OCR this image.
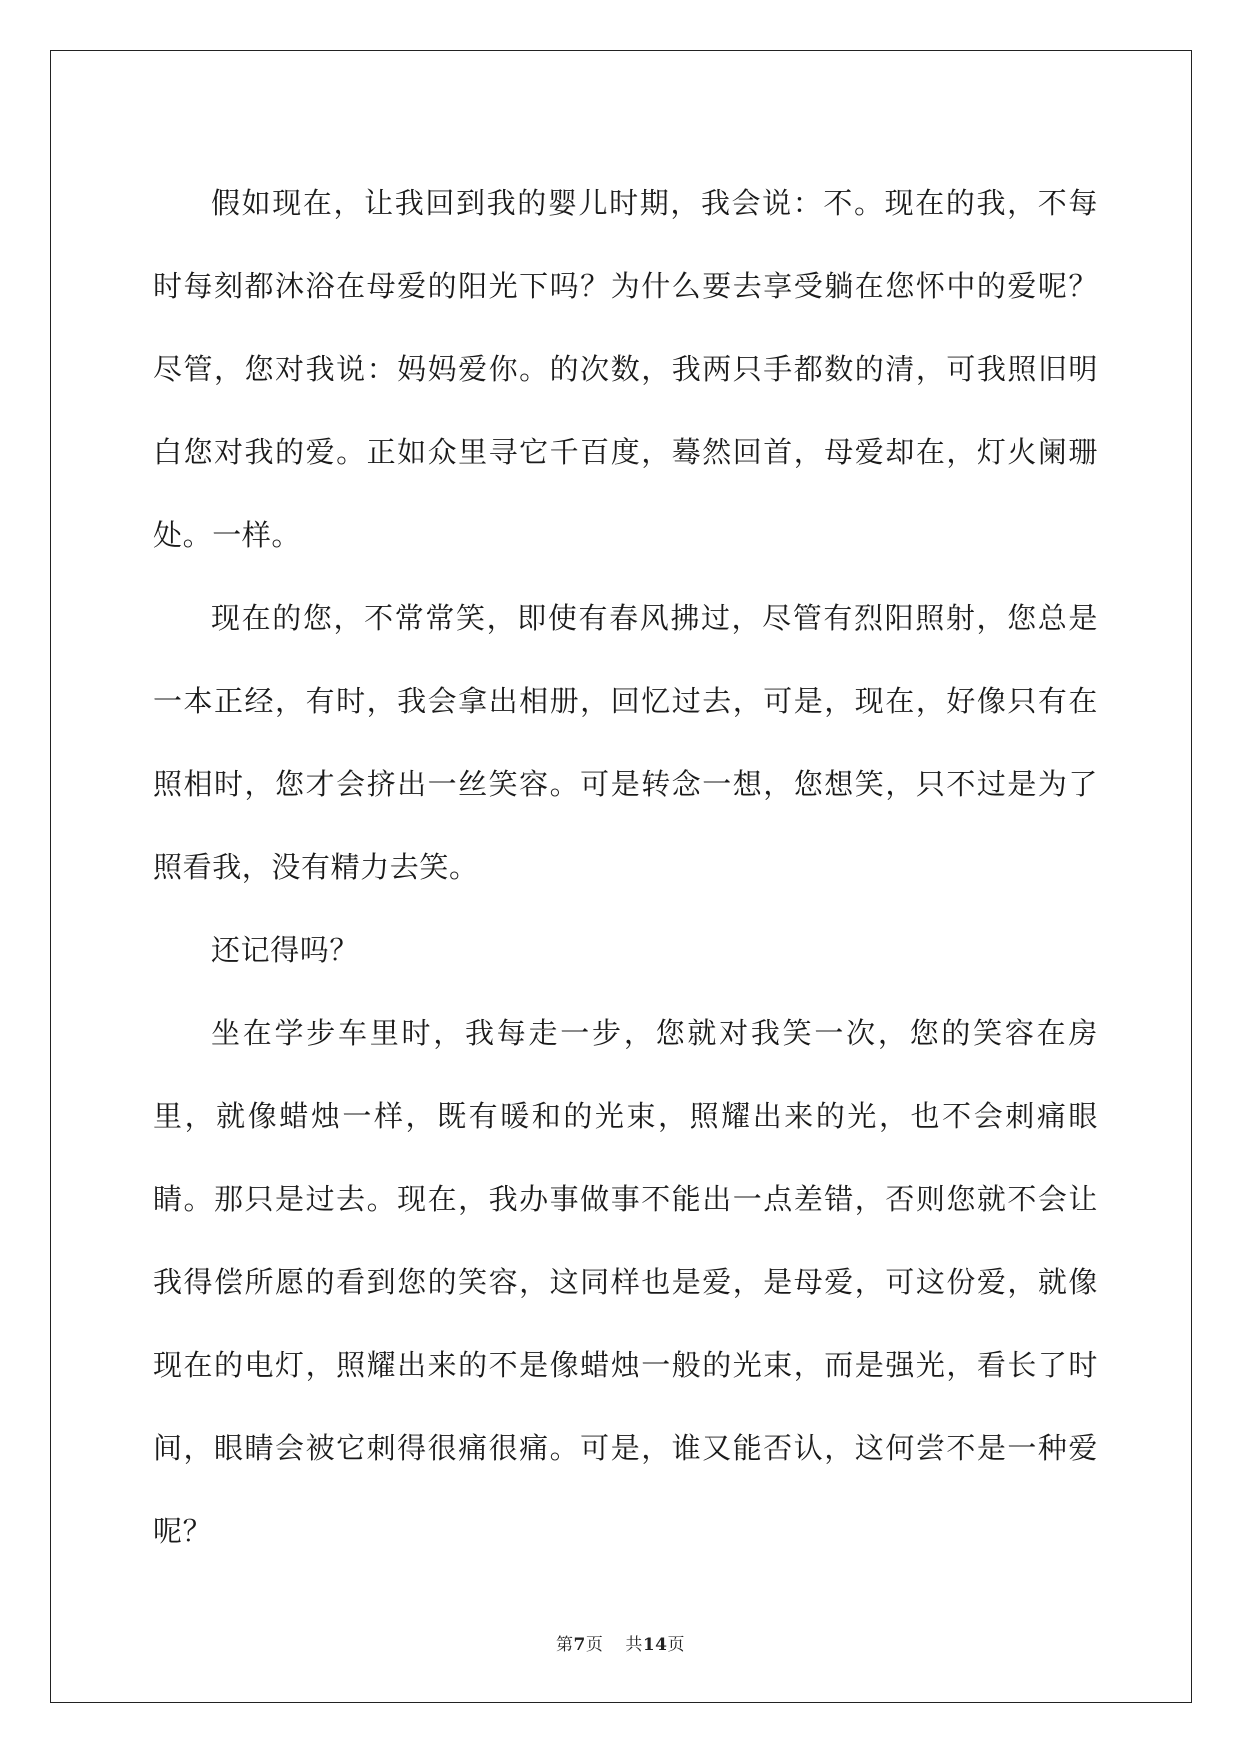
假如现在，让我回到我的婴儿时期，我会说：不。现在的我，不每时每刻都沐浴在母爱的阳光下吗？为什么要去享受躺在您怀中的爱呢？尽管，您对我说：妈妈爱你。的次数，我两只手都数的清，可我照旧明白您对我的爱。正如众里寻它千百度，蓦然回首，母爱却在，灯火阑珊处。一样。

现在的您，不常常笑，即使有春风拂过，尽管有烈阳照射，您总是一本正经，有时，我会拿出相册，回忆过去，可是，现在，好像只有在照相时，您才会挤出一丝笑容。可是转念一想，您想笑，只不过是为了照看我，没有精力去笑。

还记得吗？

坐在学步车里时，我每走一步，您就对我笑一次，您的笑容在房里，就像蜡烛一样，既有暖和的光束，照耀出来的光，也不会刺痛眼睛。那只是过去。现在，我办事做事不能出一点差错，否则您就不会让我得偿所愿的看到您的笑容，这同样也是爱，是母爱，可这份爱，就像现在的电灯，照耀出来的不是像蜡烛一般的光束，而是强光，看长了时间，眼睛会被它刺得很痛很痛。可是，谁又能否认，这何尝不是一种爱呢？

第7页 共14页
